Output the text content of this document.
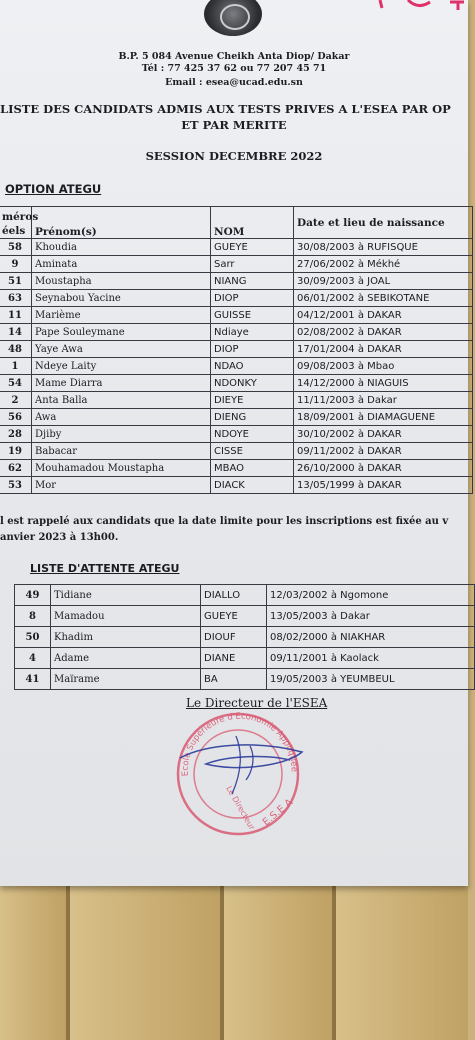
B.P. 5 084 Avenue Cheikh Anta Diop/ Dakar
Tél : 77 425 37 62 ou 77 207 45 71
Email : esea@ucad.edu.sn
LISTE DES CANDIDATS ADMIS AUX TESTS PRIVES A L'ESEA PAR OP
ET PAR MERITE
SESSION DECEMBRE 2022
OPTION ATEGU
méros
éels	Prénom(s)	NOM	Date et lieu de naissance
58	Khoudia	GUEYE	30/08/2003 à RUFISQUE
9	Aminata	Sarr	27/06/2002 à Mékhé
51	Moustapha	NIANG	30/09/2003 à JOAL
63	Seynabou Yacine	DIOP	06/01/2002 à SEBIKOTANE
11	Marième	GUISSE	04/12/2001 à DAKAR
14	Pape Souleymane	Ndiaye	02/08/2002 à DAKAR
48	Yaye Awa	DIOP	17/01/2004 à DAKAR
1	Ndeye Laity	NDAO	09/08/2003 à Mbao
54	Mame Diarra	NDONKY	14/12/2000 à NIAGUIS
2	Anta Balla	DIEYE	11/11/2003 à Dakar
56	Awa	DIENG	18/09/2001 à DIAMAGUENE
28	Djiby	NDOYE	30/10/2002 à DAKAR
19	Babacar	CISSE	09/11/2002 à DAKAR
62	Mouhamadou Moustapha	MBAO	26/10/2000 à DAKAR
53	Mor	DIACK	13/05/1999 à DAKAR
l est rappelé aux candidats que la date limite pour les inscriptions est fixée au v
anvier 2023 à 13h00.
LISTE D'ATTENTE ATEGU
49	Tidiane	DIALLO	12/03/2002 à Ngomone
8	Mamadou	GUEYE	13/05/2003 à Dakar
50	Khadim	DIOUF	08/02/2000 à NIAKHAR
4	Adame	DIANE	09/11/2001 à Kaolack
41	Maïrame	BA	19/05/2003 à YEUMBEUL
Le Directeur de l'ESEA
Ecole Supérieure d'Economie Appliquée
E.S.E.A
Le Directeur
